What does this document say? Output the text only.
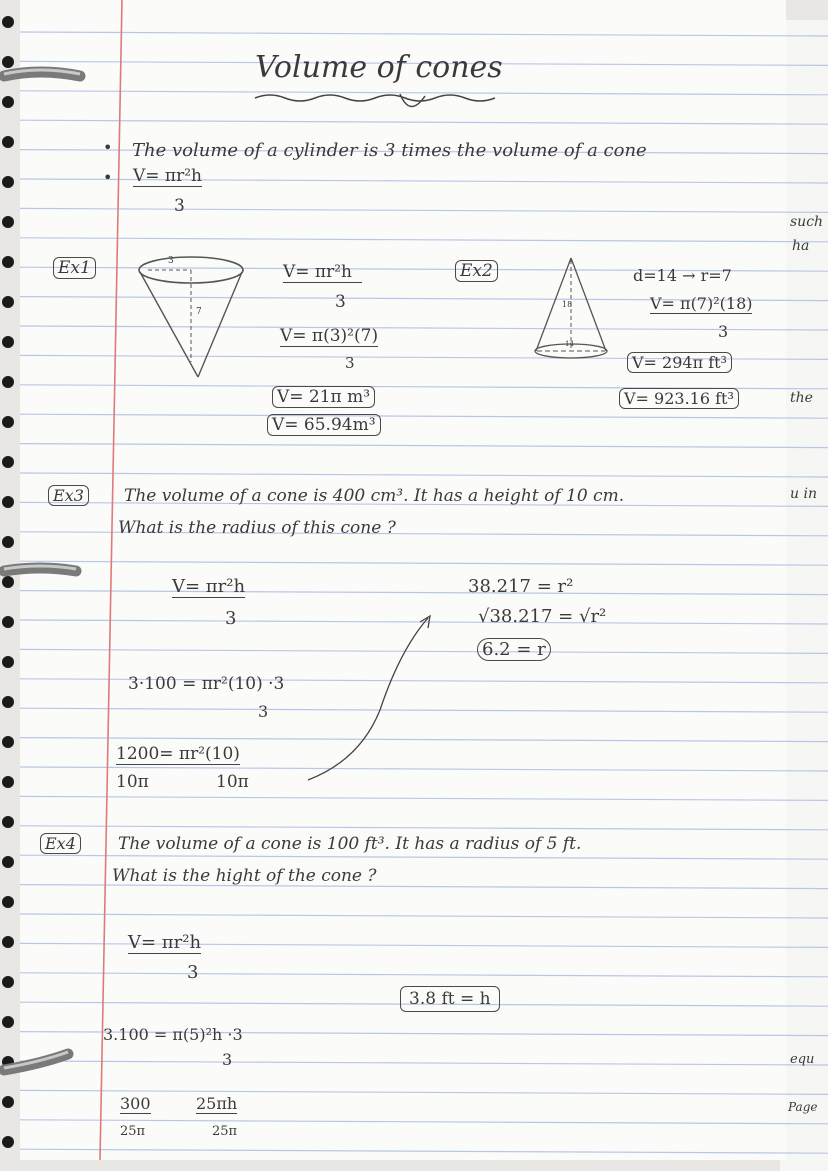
Volume of cones
• The volume of a cylinder is 3 times the volume of a cone
• V= πr²h
3
Ex1	3
7
V= πr²h
3
V= π(3)²(7)
3
V= 21π m³
V= 65.94m³
Ex2
18
14
d=14 → r=7
V= π(7)²(18)
3
V= 294π ft³
V= 923.16 ft³
Ex3 The volume of a cone is 400 cm³. It has a height of 10 cm.
What is the radius of this cone ?
V= πr²h
3
3·100 = πr²(10) ·3
3
1200= πr²(10)
10π	10π
38.217 = r²
√38.217 = √r²
6.2 = r
Ex4 The volume of a cone is 100 ft³. It has a radius of 5 ft.
What is the hight of the cone ?
V= πr²h
3
3.8 ft = h
3.100 = π(5)²h ·3
3
300	25πh
25π	25π
such
ha
the
u in
equ
Page
